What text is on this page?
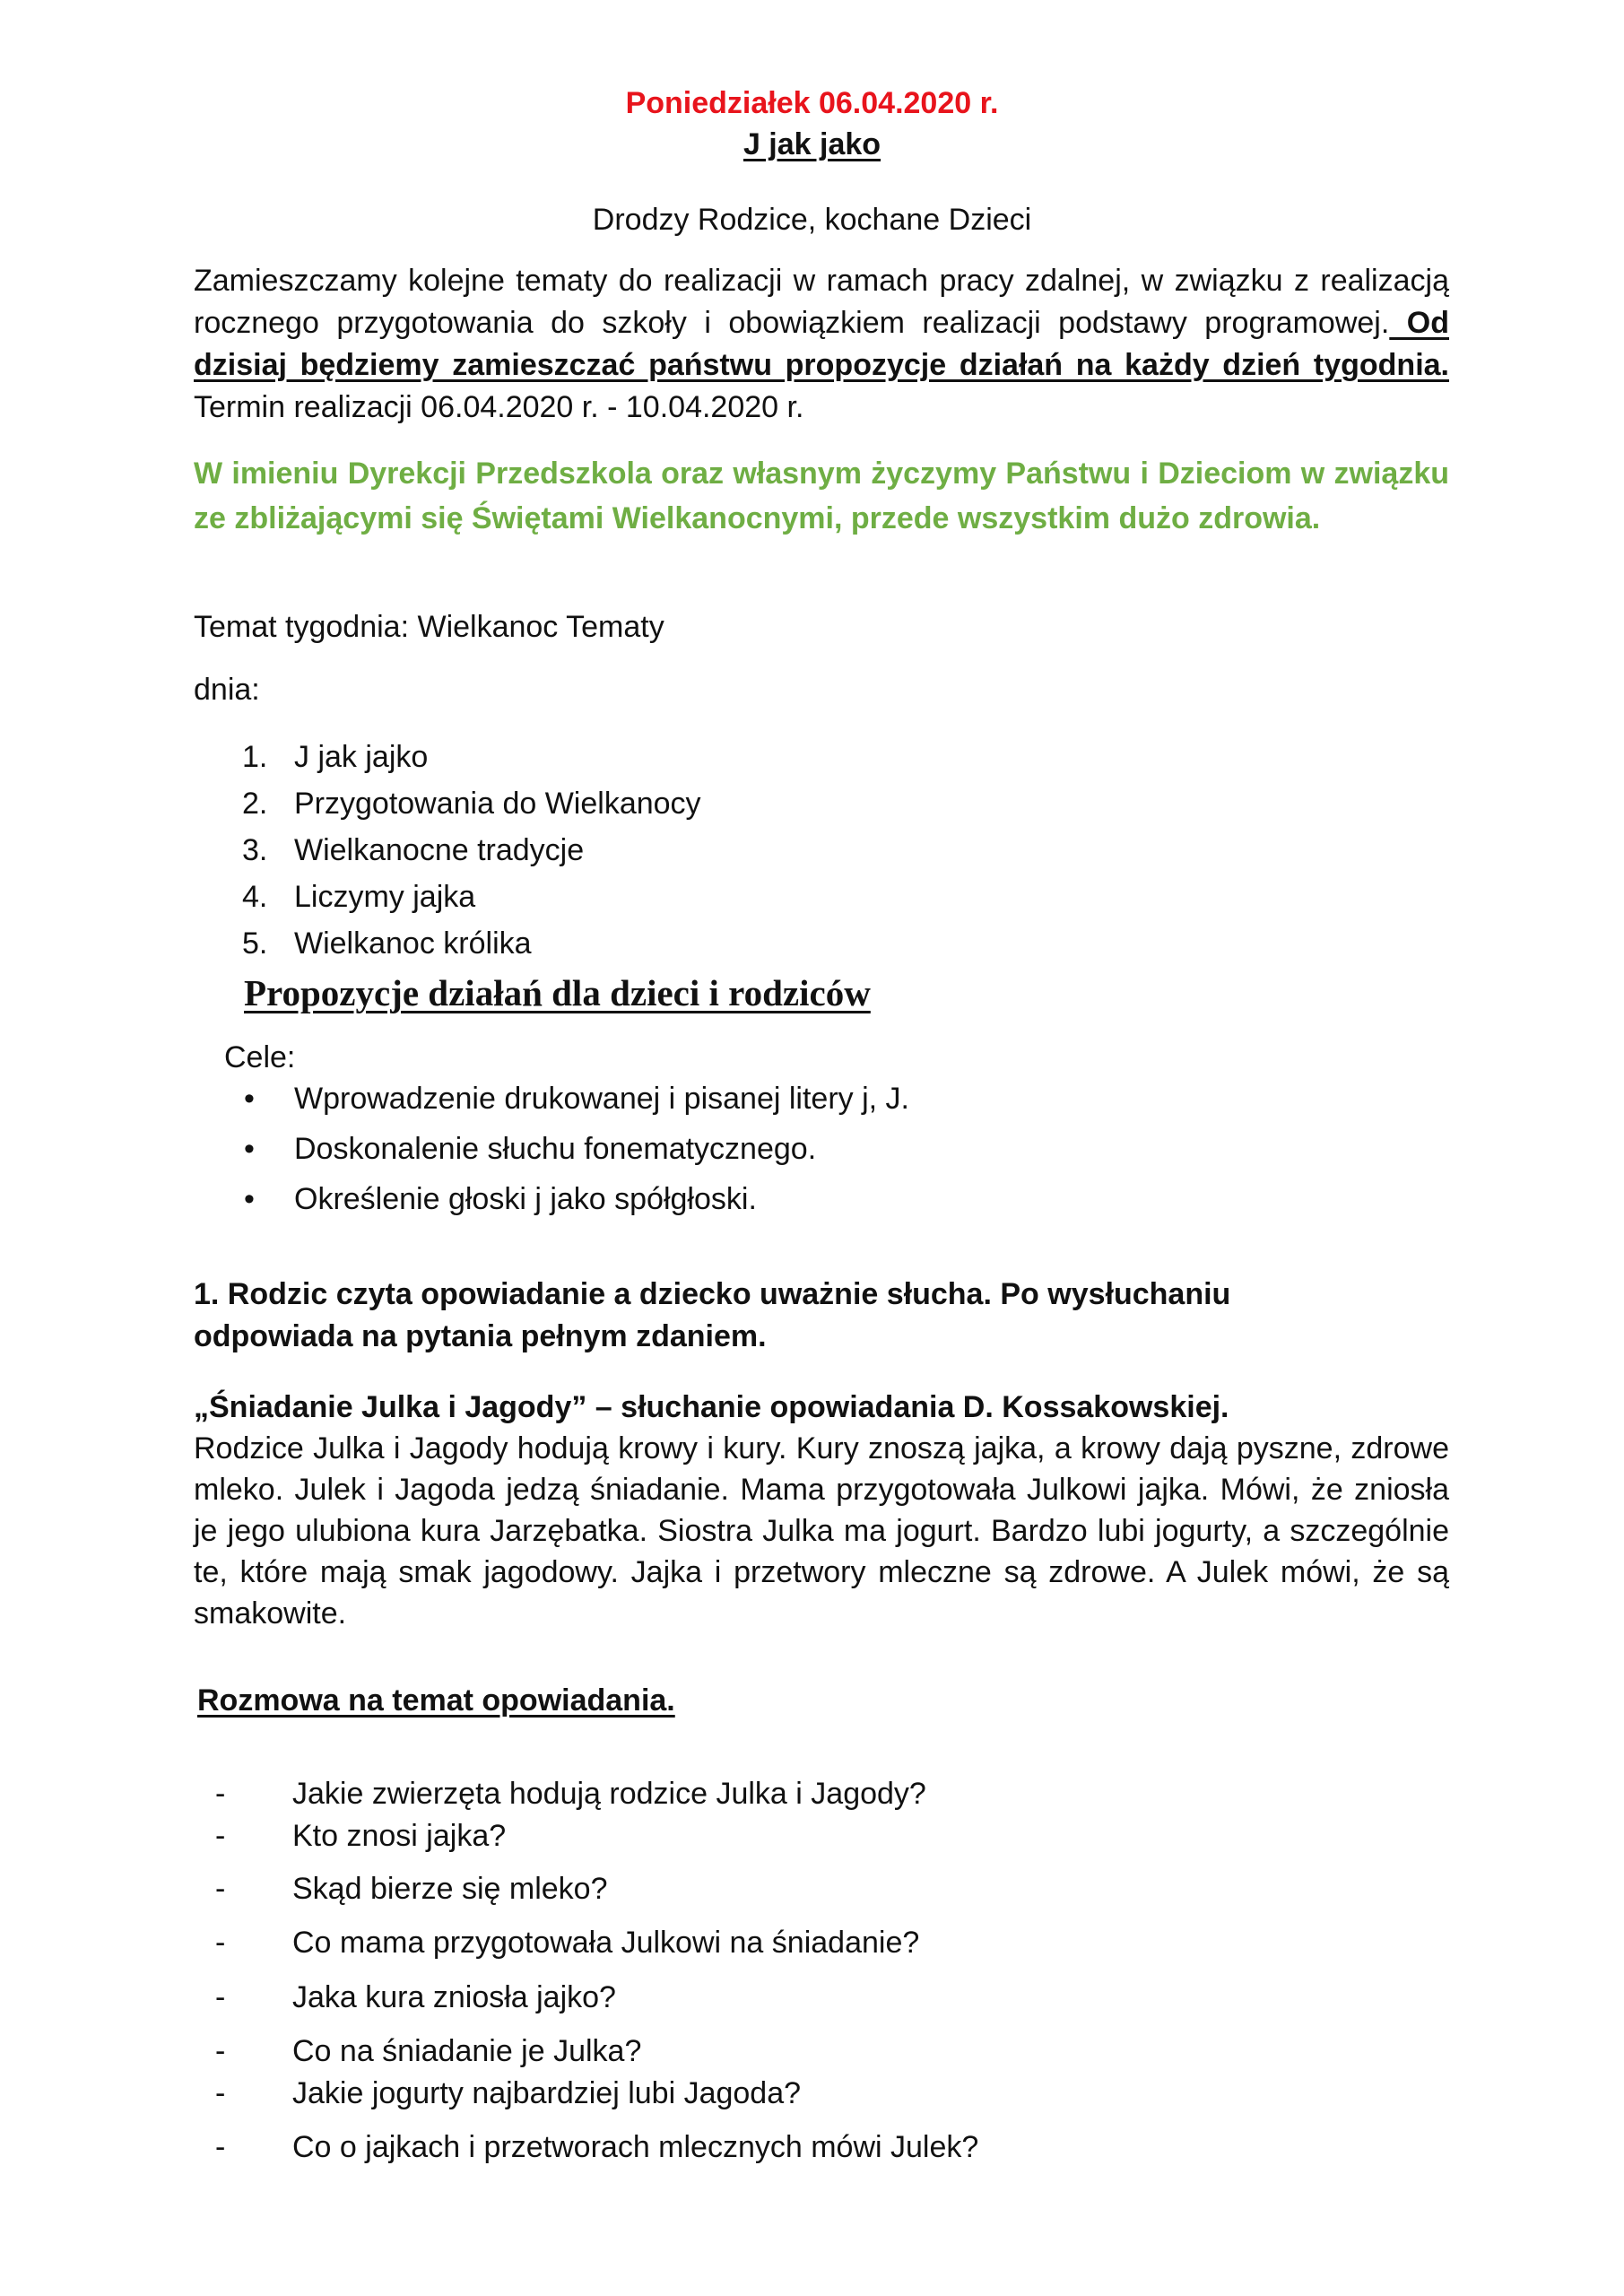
Poniedziałek 06.04.2020 r.
J jak jako
Drodzy Rodzice, kochane Dzieci
Zamieszczamy kolejne tematy do realizacji w ramach pracy zdalnej, w związku z realizacją rocznego przygotowania do szkoły i obowiązkiem realizacji podstawy programowej. Od dzisiaj będziemy zamieszczać państwu propozycje działań na każdy dzień tygodnia. Termin realizacji 06.04.2020 r. - 10.04.2020 r.
W imieniu Dyrekcji Przedszkola oraz własnym życzymy Państwu i Dzieciom w związku ze zbliżającymi się Świętami Wielkanocnymi, przede wszystkim dużo zdrowia.
Temat tygodnia: Wielkanoc Tematy
dnia:
1. J jak jajko
2. Przygotowania do Wielkanocy
3. Wielkanocne tradycje
4. Liczymy jajka
5. Wielkanoc królika
Propozycje działań dla dzieci i rodziców
Cele:
• Wprowadzenie drukowanej i pisanej litery j, J.
• Doskonalenie słuchu fonematycznego.
• Określenie głoski j jako spółgłoski.
1. Rodzic czyta opowiadanie a dziecko uważnie słucha. Po wysłuchaniu odpowiada na pytania pełnym zdaniem.
„Śniadanie Julka i Jagody” – słuchanie opowiadania D. Kossakowskiej.
Rodzice Julka i Jagody hodują krowy i kury. Kury znoszą jajka, a krowy dają pyszne, zdrowe mleko. Julek i Jagoda jedzą śniadanie. Mama przygotowała Julkowi jajka. Mówi, że zniosła je jego ulubiona kura Jarzębatka. Siostra Julka ma jogurt. Bardzo lubi jogurty, a szczególnie te, które mają smak jagodowy. Jajka i przetwory mleczne są zdrowe. A Julek mówi, że są smakowite.
Rozmowa na temat opowiadania.
- Jakie zwierzęta hodują rodzice Julka i Jagody?
- Kto znosi jajka?
- Skąd bierze się mleko?
- Co mama przygotowała Julkowi na śniadanie?
- Jaka kura zniosła jajko?
- Co na śniadanie je Julka?
- Jakie jogurty najbardziej lubi Jagoda?
- Co o jajkach i przetworach mlecznych mówi Julek?
